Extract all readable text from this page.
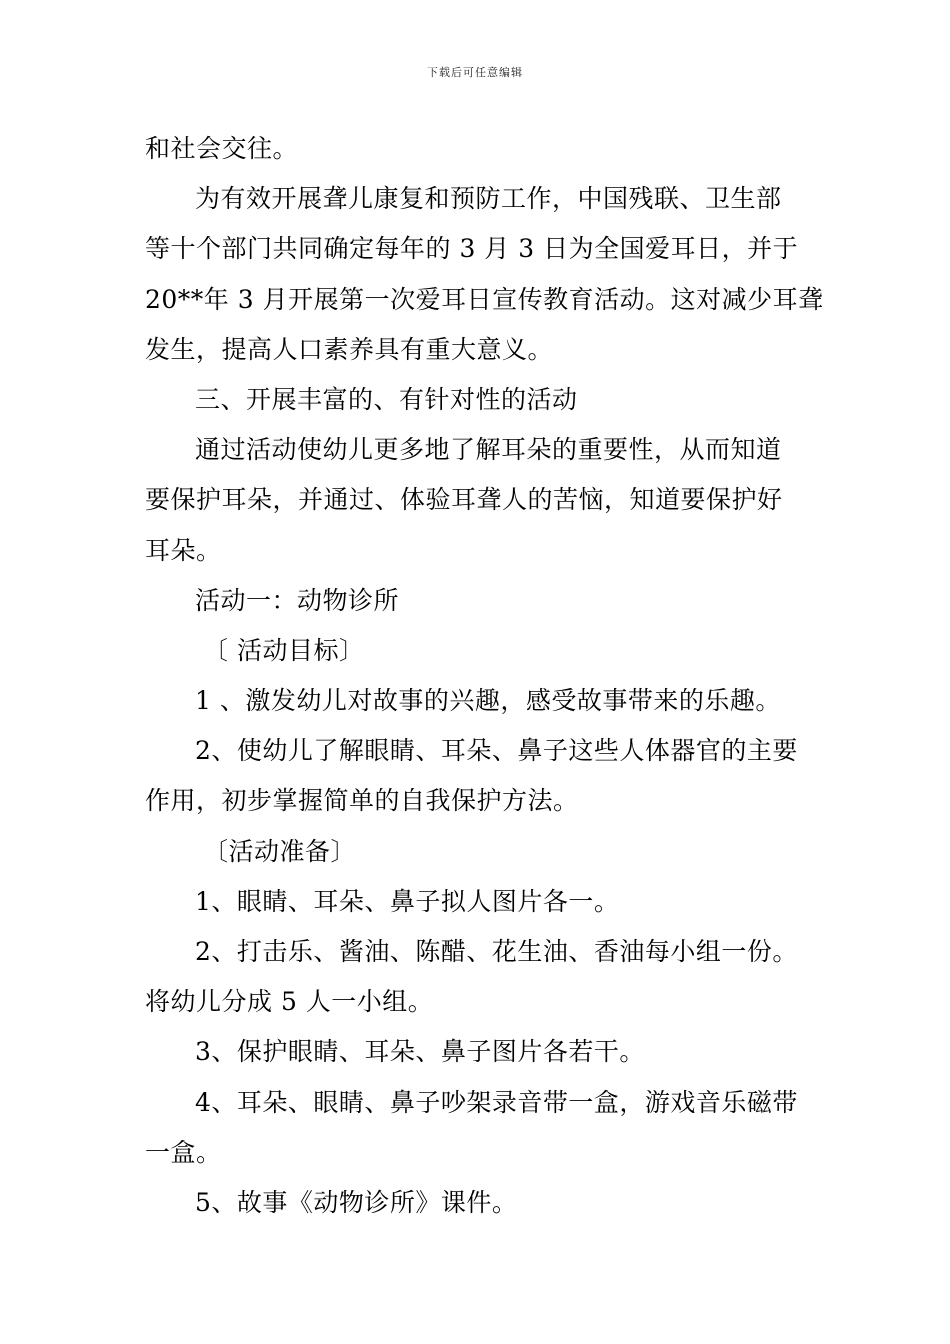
下载后可任意编辑

和社会交往。

为有效开展聋儿康复和预防工作，中国残联、卫生部

等十个部门共同确定每年的 3 月 3 日为全国爱耳日，并于

20**年 3 月开展第一次爱耳日宣传教育活动。这对减少耳聋

发生，提高人口素养具有重大意义。

三、开展丰富的、有针对性的活动

通过活动使幼儿更多地了解耳朵的重要性，从而知道

要保护耳朵，并通过、体验耳聋人的苦恼，知道要保护好

耳朵。

活动一：动物诊所

〔 活动目标〕

1 、激发幼儿对故事的兴趣，感受故事带来的乐趣。

2、使幼儿了解眼睛、耳朵、鼻子这些人体器官的主要

作用，初步掌握简单的自我保护方法。

〔活动准备〕

1、眼睛、耳朵、鼻子拟人图片各一。

2、打击乐、酱油、陈醋、花生油、香油每小组一份。

将幼儿分成 5 人一小组。

3、保护眼睛、耳朵、鼻子图片各若干。

4、耳朵、眼睛、鼻子吵架录音带一盒，游戏音乐磁带

一盒。

5、故事《动物诊所》课件。
